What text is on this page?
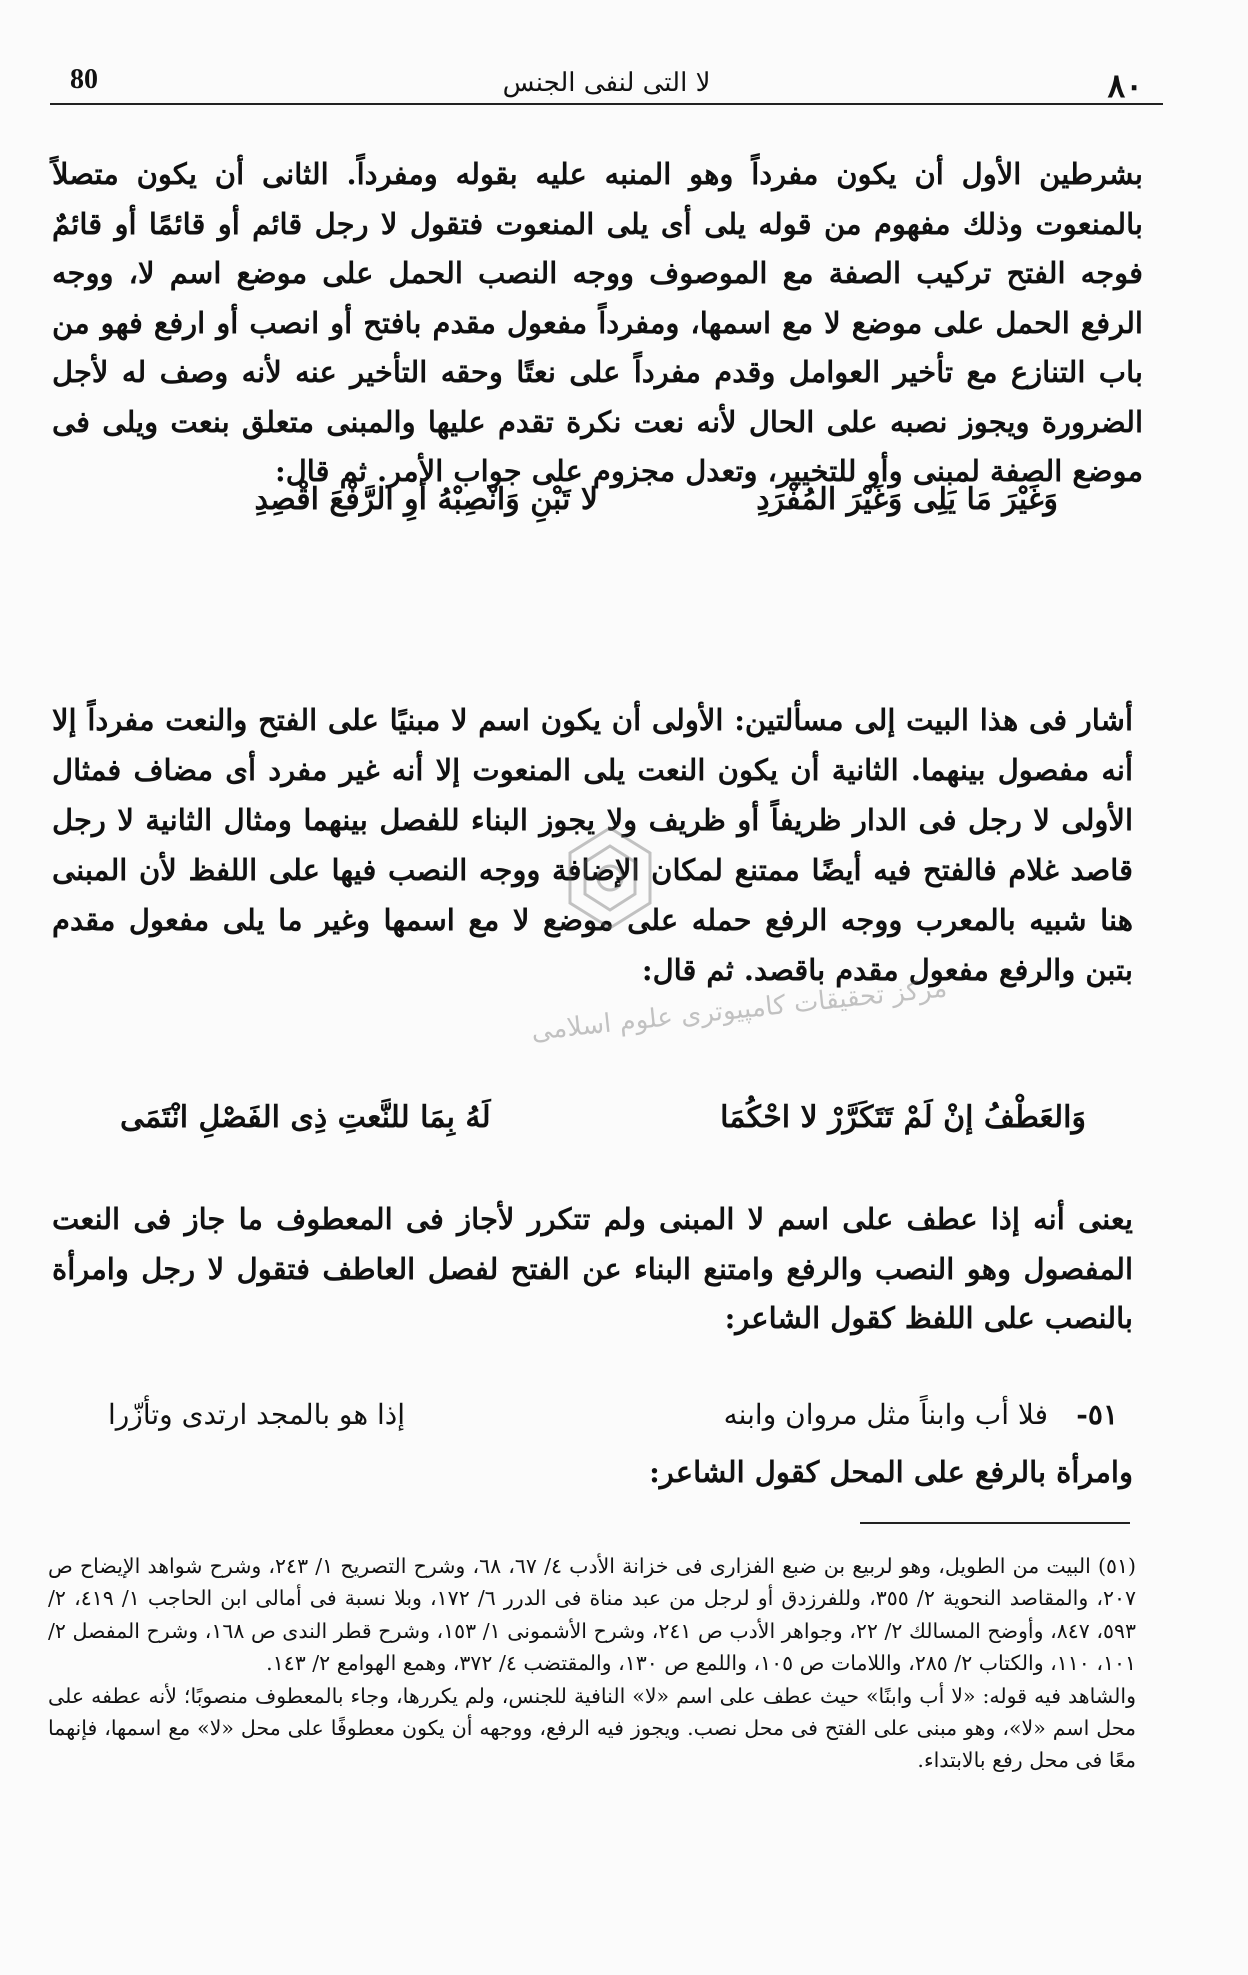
٨٠
لا التى لنفى الجنس
80

بشرطين الأول أن يكون مفرداً وهو المنبه عليه بقوله ومفرداً. الثانى أن يكون متصلاً بالمنعوت وذلك مفهوم من قوله يلى أى يلى المنعوت فتقول لا رجل قائم أو قائمًا أو قائمٌ فوجه الفتح تركيب الصفة مع الموصوف ووجه النصب الحمل على موضع اسم لا، ووجه الرفع الحمل على موضع لا مع اسمها، ومفرداً مفعول مقدم بافتح أو انصب أو ارفع فهو من باب التنازع مع تأخير العوامل وقدم مفرداً على نعتًا وحقه التأخير عنه لأنه وصف له لأجل الضرورة ويجوز نصبه على الحال لأنه نعت نكرة تقدم عليها والمبنى متعلق بنعت ويلى فى موضع الصفة لمبنى وأو للتخيير، وتعدل مجزوم على جواب الأمر. ثم قال:

لا تَبْنِ وَانْصِبْهُ أوِ الرَّفْعَ اقْصِدِ	وَغَيْرَ مَا يَلِى وَغَيْرَ المُفْرَدِ

أشار فى هذا البيت إلى مسألتين: الأولى أن يكون اسم لا مبنيًا على الفتح والنعت مفرداً إلا أنه مفصول بينهما. الثانية أن يكون النعت يلى المنعوت إلا أنه غير مفرد أى مضاف فمثال الأولى لا رجل فى الدار ظريفاً أو ظريف ولا يجوز البناء للفصل بينهما ومثال الثانية لا رجل قاصد غلام فالفتح فيه أيضًا ممتنع لمكان الإضافة ووجه النصب فيها على اللفظ لأن المبنى هنا شبيه بالمعرب ووجه الرفع حمله على موضع لا مع اسمها وغير ما يلى مفعول مقدم بتبن والرفع مفعول مقدم باقصد. ثم قال:

مركز تحقيقات كامپيوترى علوم اسلامى
وَالعَطْفُ إنْ لَمْ تَتَكَرَّرْ لا احْكُمَا
لَهُ بِمَا للنَّعتِ ذِى الفَصْلِ انْتَمَى

يعنى أنه إذا عطف على اسم لا المبنى ولم تتكرر لأجاز فى المعطوف ما جاز فى النعت المفصول وهو النصب والرفع وامتنع البناء عن الفتح لفصل العاطف فتقول لا رجل وامرأة بالنصب على اللفظ كقول الشاعر:

٥١-
فلا أب وابناً مثل مروان وابنه
إذا هو بالمجد ارتدى وتأزّرا
وامرأة بالرفع على المحل كقول الشاعر:

(٥١) البيت من الطويل، وهو لربيع بن ضبع الفزارى فى خزانة الأدب ٤/ ٦٧، ٦٨، وشرح التصريح ١/ ٢٤٣، وشرح شواهد الإيضاح ص ٢٠٧، والمقاصد النحوية ٢/ ٣٥٥، وللفرزدق أو لرجل من عبد مناة فى الدرر ٦/ ١٧٢، وبلا نسبة فى أمالى ابن الحاجب ١/ ٤١٩، ٢/ ٥٩٣، ٨٤٧، وأوضح المسالك ٢/ ٢٢، وجواهر الأدب ص ٢٤١، وشرح الأشمونى ١/ ١٥٣، وشرح قطر الندى ص ١٦٨، وشرح المفصل ٢/ ١٠١، ١١٠، والكتاب ٢/ ٢٨٥، واللامات ص ١٠٥، واللمع ص ١٣٠، والمقتضب ٤/ ٣٧٢، وهمع الهوامع ٢/ ١٤٣.

والشاهد فيه قوله: «لا أب وابنًا» حيث عطف على اسم «لا» النافية للجنس، ولم يكررها، وجاء بالمعطوف منصوبًا؛ لأنه عطفه على محل اسم «لا»، وهو مبنى على الفتح فى محل نصب. ويجوز فيه الرفع، ووجهه أن يكون معطوفًا على محل «لا» مع اسمها، فإنهما معًا فى محل رفع بالابتداء.
